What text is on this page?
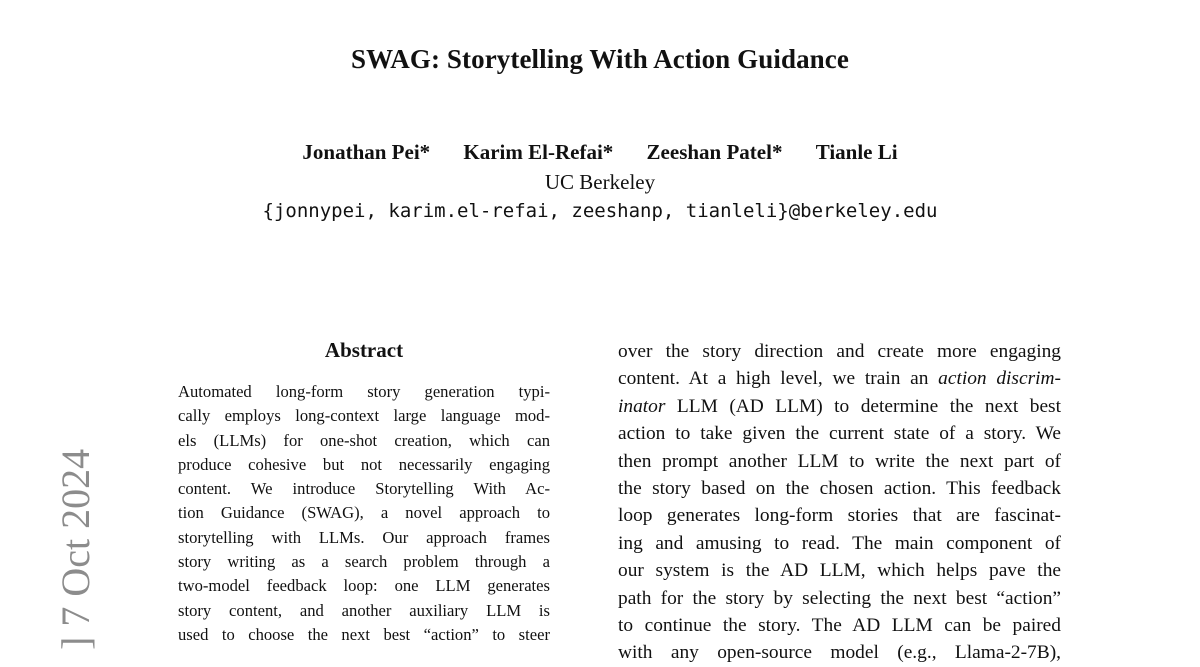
SWAG: Storytelling With Action Guidance
Jonathan Pei* Karim El-Refai* Zeeshan Patel* Tianle Li
UC Berkeley
{jonnypei, karim.el-refai, zeeshanp, tianleli}@berkeley.edu
] 7 Oct 2024
Abstract
Automated long-form story generation typi-
cally employs long-context large language mod-
els (LLMs) for one-shot creation, which can
produce cohesive but not necessarily engaging
content. We introduce Storytelling With Ac-
tion Guidance (SWAG), a novel approach to
storytelling with LLMs. Our approach frames
story writing as a search problem through a
two-model feedback loop: one LLM generates
story content, and another auxiliary LLM is
used to choose the next best “action” to steer
over the story direction and create more engaging
content. At a high level, we train an action discrim-
inator LLM (AD LLM) to determine the next best
action to take given the current state of a story. We
then prompt another LLM to write the next part of
the story based on the chosen action. This feedback
loop generates long-form stories that are fascinat-
ing and amusing to read. The main component of
our system is the AD LLM, which helps pave the
path for the story by selecting the next best “action”
to continue the story. The AD LLM can be paired
with any open-source model (e.g., Llama-2-7B),
